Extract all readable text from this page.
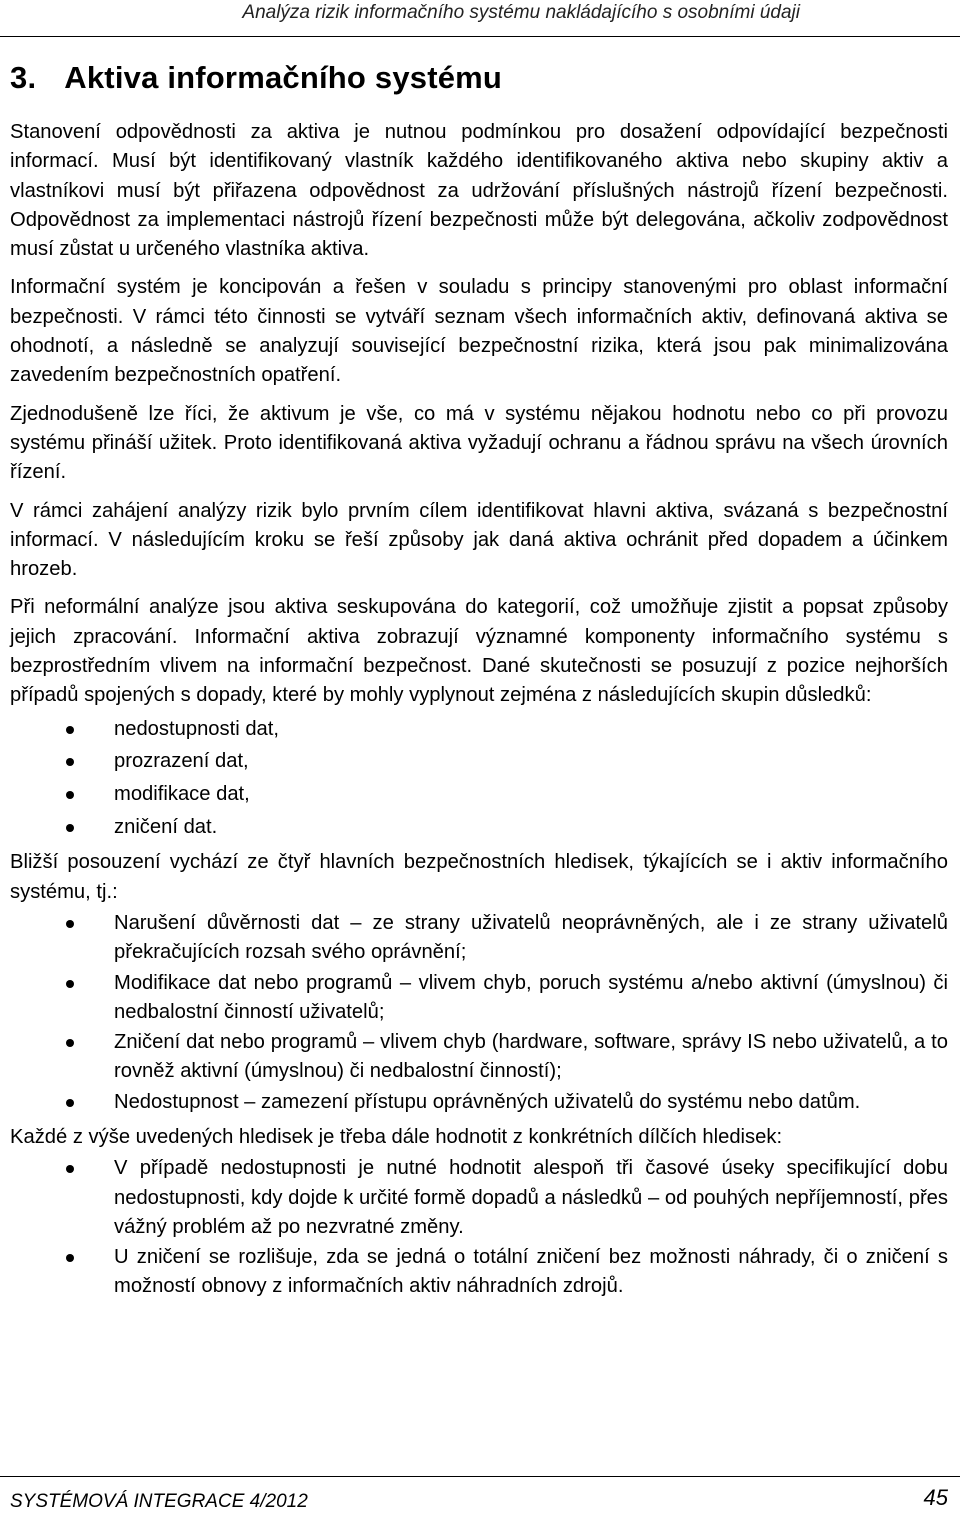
Analýza rizik informačního systému nakládajícího s osobními údaji
3. Aktiva informačního systému

Stanovení odpovědnosti za aktiva je nutnou podmínkou pro dosažení odpovídající bezpečnosti informací. Musí být identifikovaný vlastník každého identifikovaného aktiva nebo skupiny aktiv a vlastníkovi musí být přiřazena odpovědnost za udržování příslušných nástrojů řízení bezpečnosti. Odpovědnost za implementaci nástrojů řízení bezpečnosti může být delegována, ačkoliv zodpovědnost musí zůstat u určeného vlastníka aktiva.

Informační systém je koncipován a řešen v souladu s principy stanovenými pro oblast informační bezpečnosti. V rámci této činnosti se vytváří seznam všech informačních aktiv, definovaná aktiva se ohodnotí, a následně se analyzují související bezpečnostní rizika, která jsou pak minimalizována zavedením bezpečnostních opatření.

Zjednodušeně lze říci, že aktivum je vše, co má v systému nějakou hodnotu nebo co při provozu systému přináší užitek. Proto identifikovaná aktiva vyžadují ochranu a řádnou správu na všech úrovních řízení.

V rámci zahájení analýzy rizik bylo prvním cílem identifikovat hlavni aktiva, svázaná s bezpečnostní informací. V následujícím kroku se řeší způsoby jak daná aktiva ochránit před dopadem a účinkem hrozeb.

Při neformální analýze jsou aktiva seskupována do kategorií, což umožňuje zjistit a popsat způsoby jejich zpracování. Informační aktiva zobrazují významné komponenty informačního systému s bezprostředním vlivem na informační bezpečnost. Dané skutečnosti se posuzují z pozice nejhorších případů spojených s dopady, které by mohly vyplynout zejména z následujících skupin důsledků:

nedostupnosti dat,
prozrazení dat,
modifikace dat,
zničení dat.

Bližší posouzení vychází ze čtyř hlavních bezpečnostních hledisek, týkajících se i aktiv informačního systému, tj.:

Narušení důvěrnosti dat – ze strany uživatelů neoprávněných, ale i ze strany uživatelů překračujících rozsah svého oprávnění;
Modifikace dat nebo programů – vlivem chyb, poruch systému a/nebo aktivní (úmyslnou) či nedbalostní činností uživatelů;
Zničení dat nebo programů – vlivem chyb (hardware, software, správy IS nebo uživatelů, a to rovněž aktivní (úmyslnou) či nedbalostní činností);
Nedostupnost – zamezení přístupu oprávněných uživatelů do systému nebo datům.

Každé z výše uvedených hledisek je třeba dále hodnotit z konkrétních dílčích hledisek:

V případě nedostupnosti je nutné hodnotit alespoň tři časové úseky specifikující dobu nedostupnosti, kdy dojde k určité formě dopadů a následků – od pouhých nepříjemností, přes vážný problém až po nezvratné změny.
U zničení se rozlišuje, zda se jedná o totální zničení bez možnosti náhrady, či o zničení s možností obnovy z informačních aktiv náhradních zdrojů.
SYSTÉMOVÁ INTEGRACE 4/2012	45
